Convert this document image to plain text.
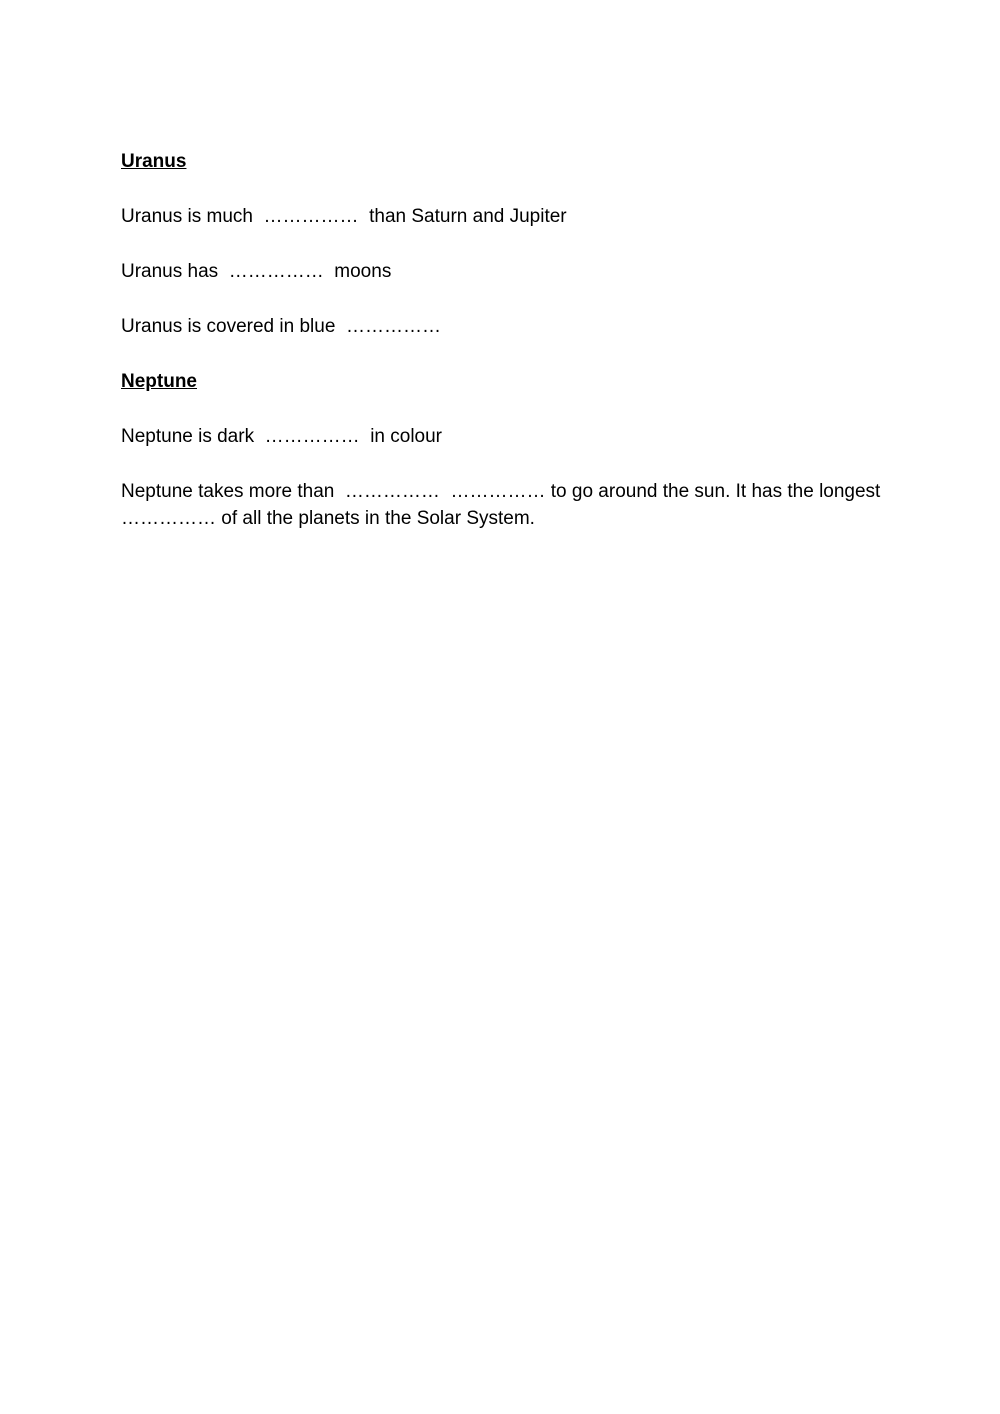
Uranus

Uranus is much  ……………  than Saturn and Jupiter

Uranus has  ……………  moons

Uranus is covered in blue  ……………

Neptune

Neptune is dark  ……………  in colour

Neptune takes more than  …………… …………… to go around the sun. It has the longest  …………… of all the planets in the Solar System.
